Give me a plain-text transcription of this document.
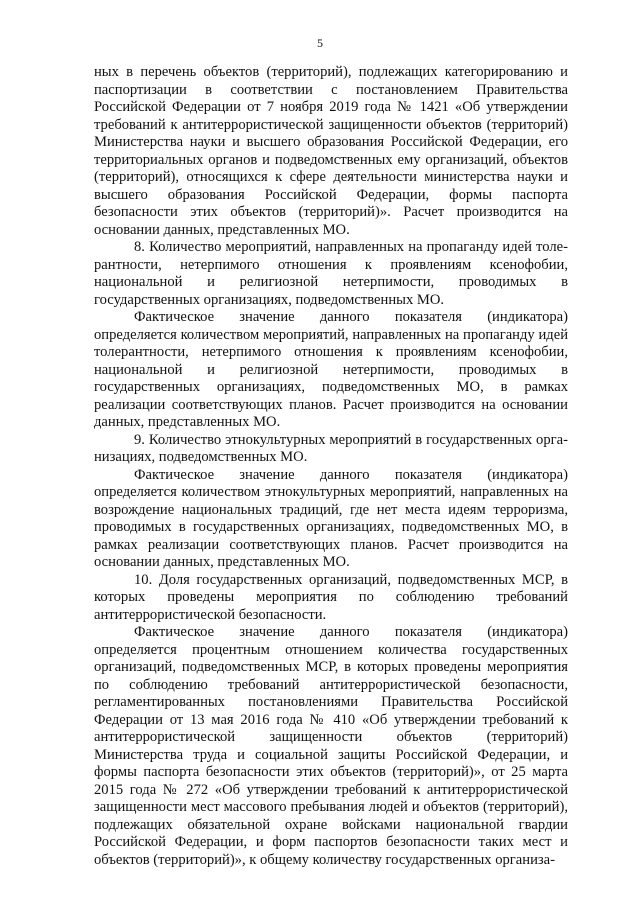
5

ных в перечень объектов (территорий), подлежащих категорированию и паспортизации в соответствии с постановлением Правительства Российской Федерации от 7 ноября 2019 года № 1421 «Об утверждении требований к антитеррористической защищенности объектов (территорий) Министерства науки и высшего образования Российской Федерации, его территориальных органов и подведомственных ему организаций, объектов (территорий), относящихся к сфере деятельности министерства науки и высшего образования Российской Федерации, формы паспорта безопасности этих объектов (территорий)». Расчет производится на основании данных, представленных МО.

8. Количество мероприятий, направленных на пропаганду идей толерантности, нетерпимого отношения к проявлениям ксенофобии, национальной и религиозной нетерпимости, проводимых в государственных организациях, подведомственных МО.

Фактическое значение данного показателя (индикатора) определяется количеством мероприятий, направленных на пропаганду идей толерантности, нетерпимого отношения к проявлениям ксенофобии, национальной и религиозной нетерпимости, проводимых в государственных организациях, подведомственных МО, в рамках реализации соответствующих планов. Расчет производится на основании данных, представленных МО.

9. Количество этнокультурных мероприятий в государственных организациях, подведомственных МО.

Фактическое значение данного показателя (индикатора) определяется количеством этнокультурных мероприятий, направленных на возрождение национальных традиций, где нет места идеям терроризма, проводимых в государственных организациях, подведомственных МО, в рамках реализации соответствующих планов. Расчет производится на основании данных, представленных МО.

10. Доля государственных организаций, подведомственных МСР, в которых проведены мероприятия по соблюдению требований антитеррористической безопасности.

Фактическое значение данного показателя (индикатора) определяется процентным отношением количества государственных организаций, подведомственных МСР, в которых проведены мероприятия по соблюдению требований антитеррористической безопасности, регламентированных постановлениями Правительства Российской Федерации от 13 мая 2016 года № 410 «Об утверждении требований к антитеррористической защищенности объектов (территорий) Министерства труда и социальной защиты Российской Федерации, и формы паспорта безопасности этих объектов (территорий)», от 25 марта 2015 года № 272 «Об утверждении требований к антитеррористической защищенности мест массового пребывания людей и объектов (территорий), подлежащих обязательной охране войсками национальной гвардии Российской Федерации, и форм паспортов безопасности таких мест и объектов (территорий)», к общему количеству государственных организа-
